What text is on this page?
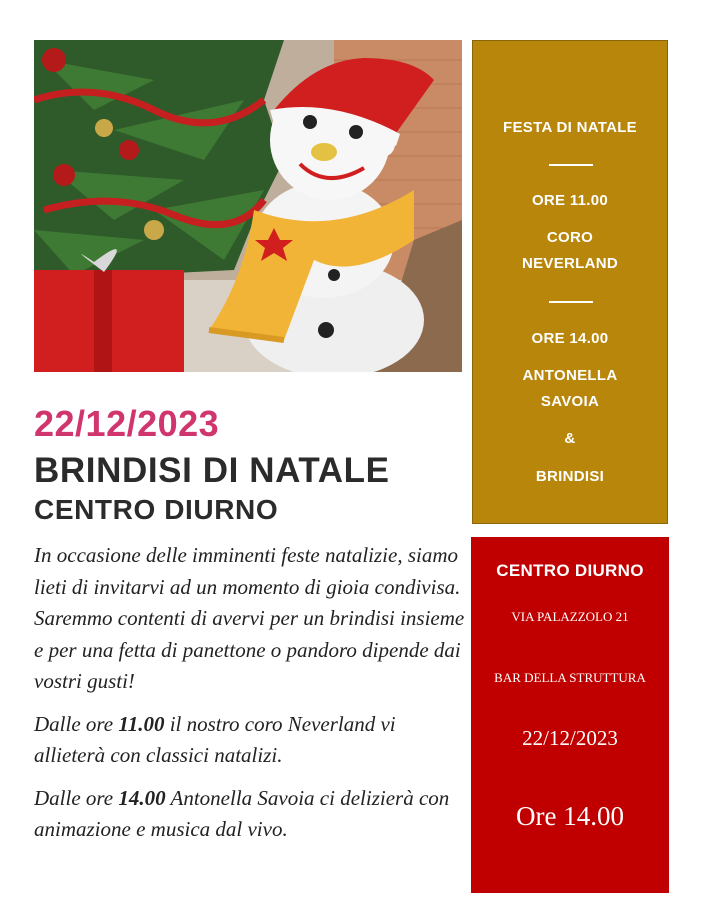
FESTA DI NATALE
ORE 11.00
CORO
NEVERLAND
ORE 14.00
ANTONELLA
SAVOIA
&
BRINDISI
CENTRO DIURNO
VIA PALAZZOLO 21
BAR DELLA STRUTTURA
22/12/2023
Ore 14.00
22/12/2023
BRINDISI DI NATALE
CENTRO DIURNO

In occasione delle imminenti feste natalizie, siamo lieti di invitarvi ad un momento di gioia condivisa. Saremmo contenti di avervi per un brindisi insieme e per una fetta di panettone o pandoro dipende dai vostri gusti!

Dalle ore 11.00 il nostro coro Neverland vi allieterà con classici natalizi.

Dalle ore 14.00 Antonella Savoia ci delizierà con animazione e musica dal vivo.
